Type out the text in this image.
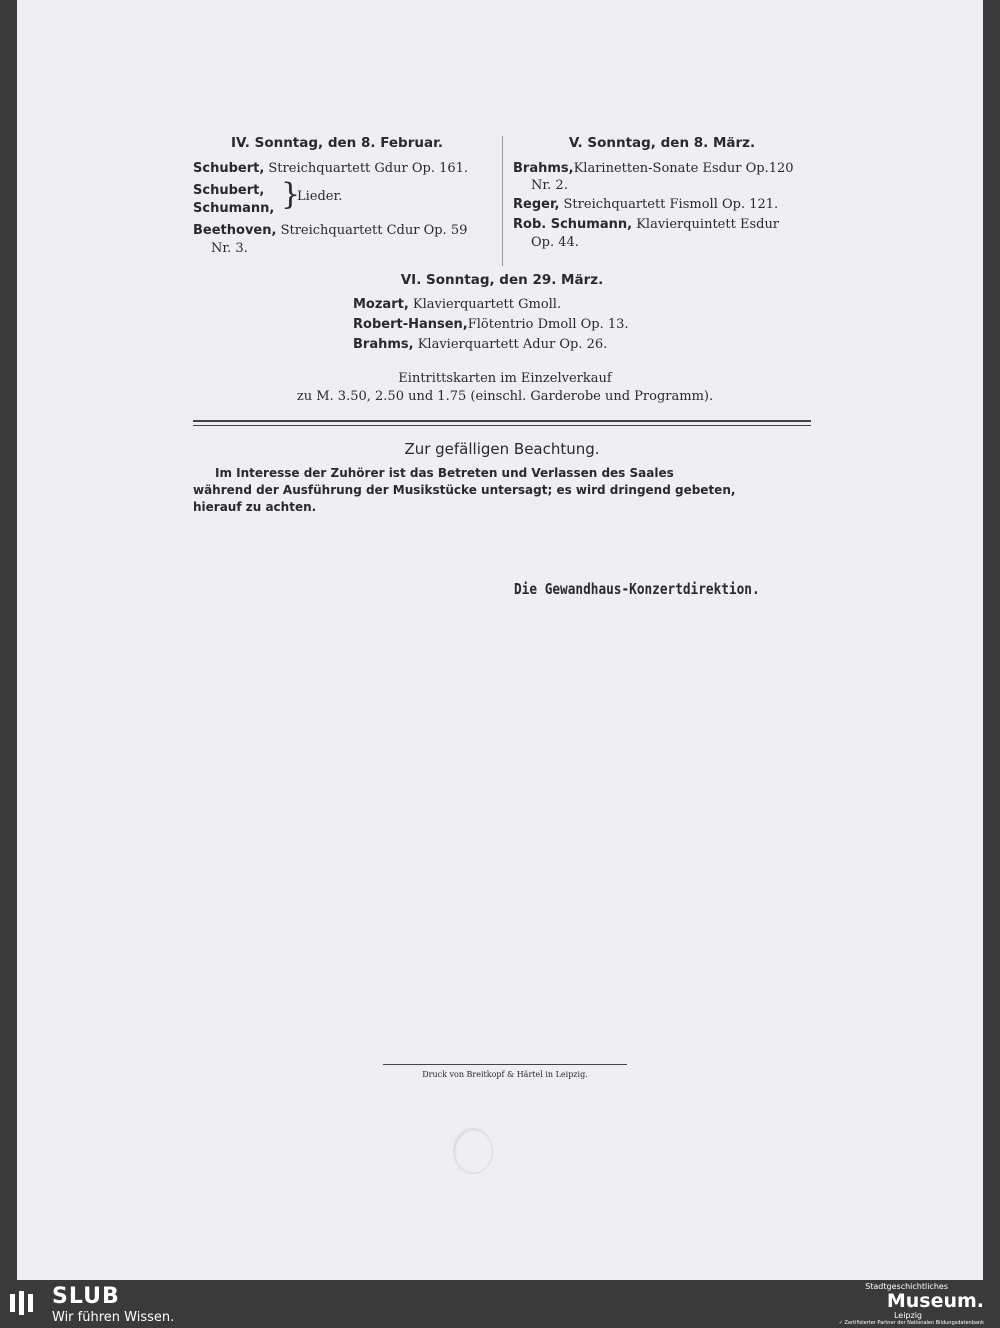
IV. Sonntag, den 8. Februar.
Schubert, Streichquartett Gdur Op. 161.
Schubert,
Schumann, }
Lieder.
Beethoven, Streichquartett Cdur Op. 59
Nr. 3.
V. Sonntag, den 8. März.
Brahms,Klarinetten-Sonate Esdur Op.120
Nr. 2.
Reger, Streichquartett Fismoll Op. 121.
Rob. Schumann, Klavierquintett Esdur
Op. 44.
VI. Sonntag, den 29. März.
Mozart, Klavierquartett Gmoll.
Robert-Hansen,Flötentrio Dmoll Op. 13.
Brahms, Klavierquartett Adur Op. 26.
Eintrittskarten im Einzelverkauf
zu M. 3.50, 2.50 und 1.75 (einschl. Garderobe und Programm).
Zur gefälligen Beachtung.
Im Interesse der Zuhörer ist das Betreten und Verlassen des Saales
während der Ausführung der Musikstücke untersagt; es wird dringend gebeten,
hierauf zu achten.
Die Gewandhaus-Konzertdirektion.
Druck von Breitkopf & Härtel in Leipzig.
SLUB
Wir führen Wissen.
Stadtgeschichtliches
Museum.
Leipzig
✓ Zertifizierter Partner der Nationalen Bildungsdatenbank
